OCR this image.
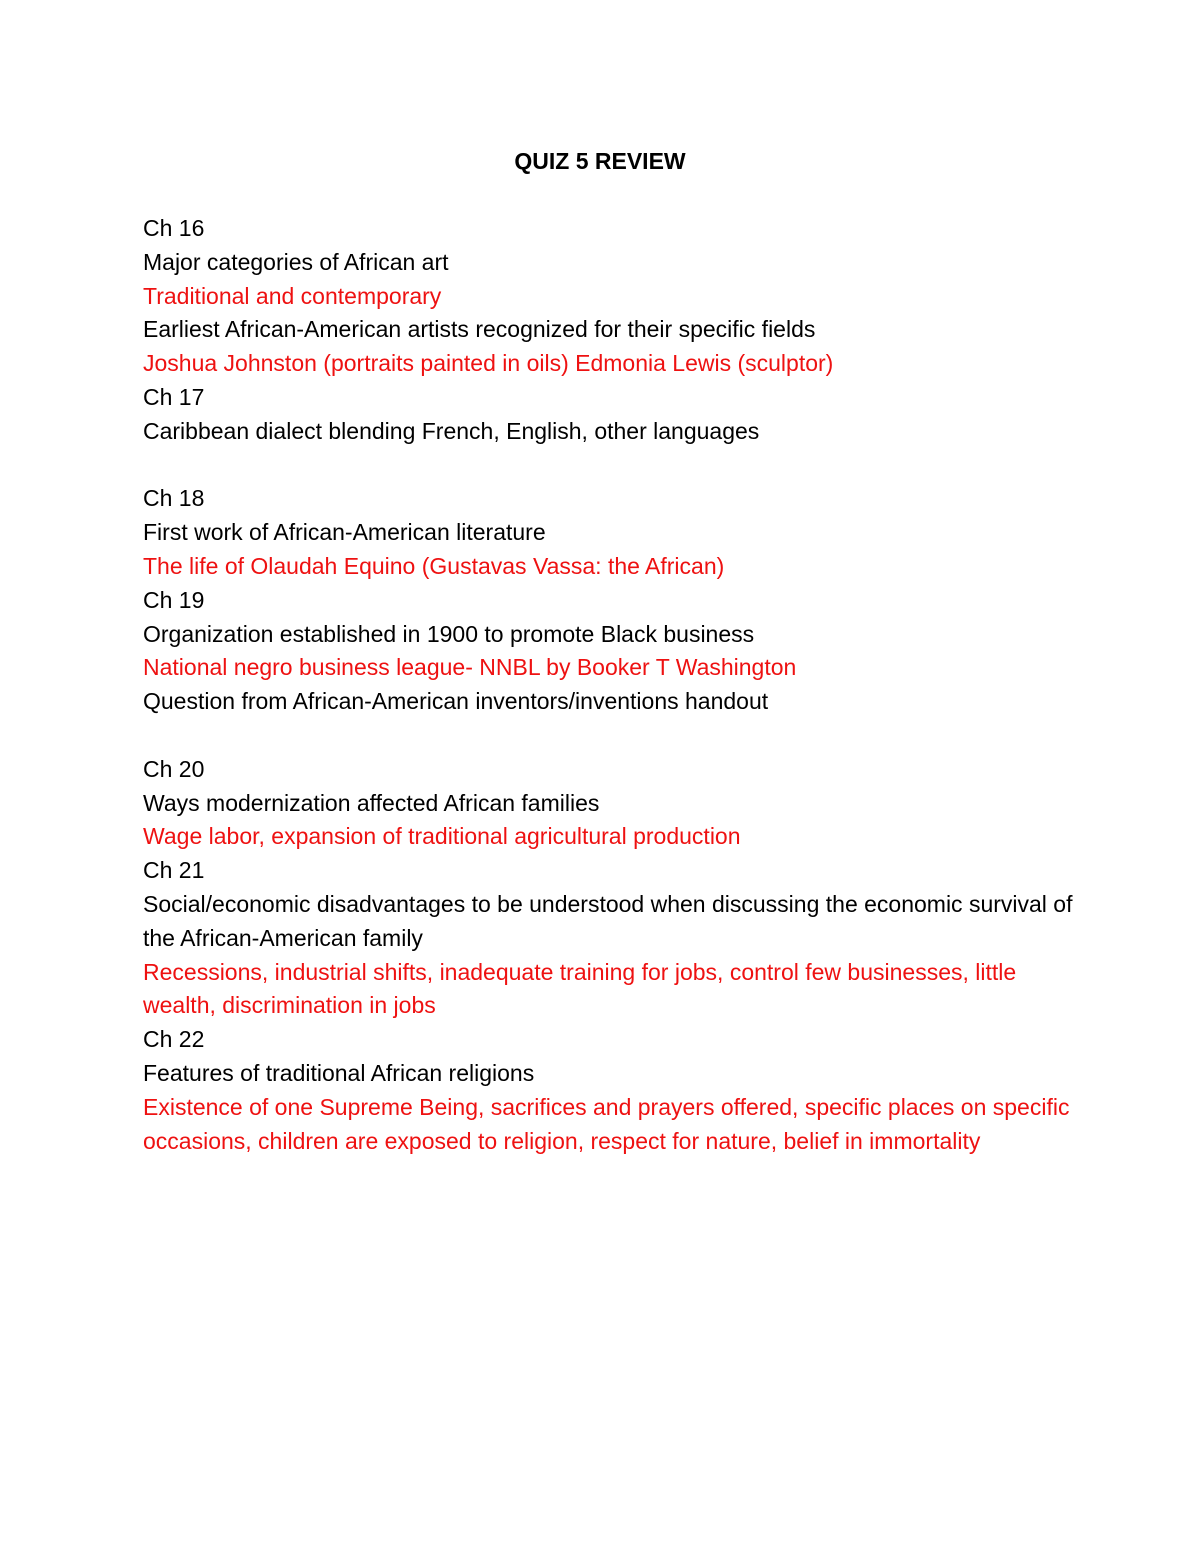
QUIZ 5 REVIEW
Ch 16
Major categories of African art
Traditional and contemporary
Earliest African-American artists recognized for their specific fields
Joshua Johnston (portraits painted in oils) Edmonia Lewis (sculptor)
Ch 17
Caribbean dialect blending French, English, other languages
Ch 18
First work of African-American literature
The life of Olaudah Equino (Gustavas Vassa: the African)
Ch 19
Organization established in 1900 to promote Black business
National negro business league- NNBL by Booker T Washington
Question from African-American inventors/inventions handout
Ch 20
Ways modernization affected African families
Wage labor, expansion of traditional agricultural production
Ch 21
Social/economic disadvantages to be understood when discussing the economic survival of the African-American family
Recessions, industrial shifts, inadequate training for jobs, control few businesses, little wealth, discrimination in jobs
Ch 22
Features of traditional African religions
Existence of one Supreme Being, sacrifices and prayers offered, specific places on specific occasions, children are exposed to religion, respect for nature, belief in immortality
